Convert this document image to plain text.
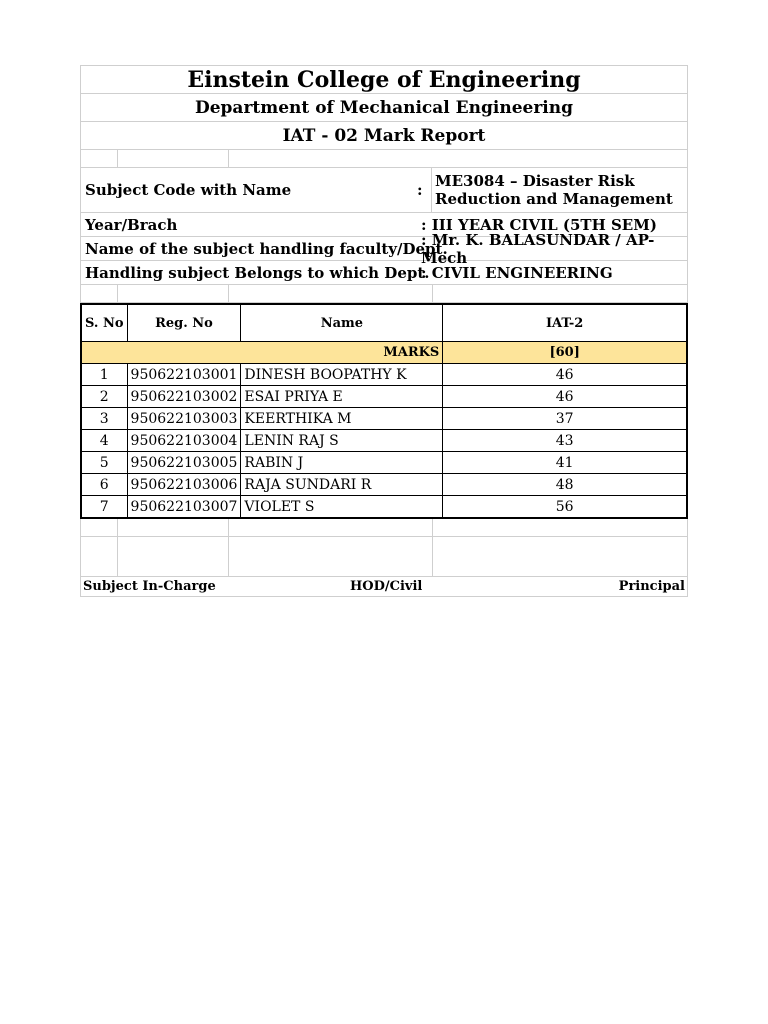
Einstein College of Engineering
Department of Mechanical Engineering
IAT - 02 Mark Report
Subject Code with Name	: ME3084 – Disaster Risk Reduction and Management
Year/Brach	: III YEAR CIVIL (5TH SEM)
Name of the subject handling faculty/Dept.
: Mr. K. BALASUNDAR / AP- Mech
Handling subject Belongs to which Dept.
: CIVIL ENGINEERING
S. No	Reg. No	Name	IAT-2
MARKS			[60]
1	950622103001	DINESH BOOPATHY K	46
2	950622103002	ESAI PRIYA E	46
3	950622103003	KEERTHIKA M	37
4	950622103004	LENIN RAJ S	43
5	950622103005	RABIN J	41
6	950622103006	RAJA SUNDARI R	48
7	950622103007	VIOLET S	56
Subject In-Charge	HOD/Civil	Principal
